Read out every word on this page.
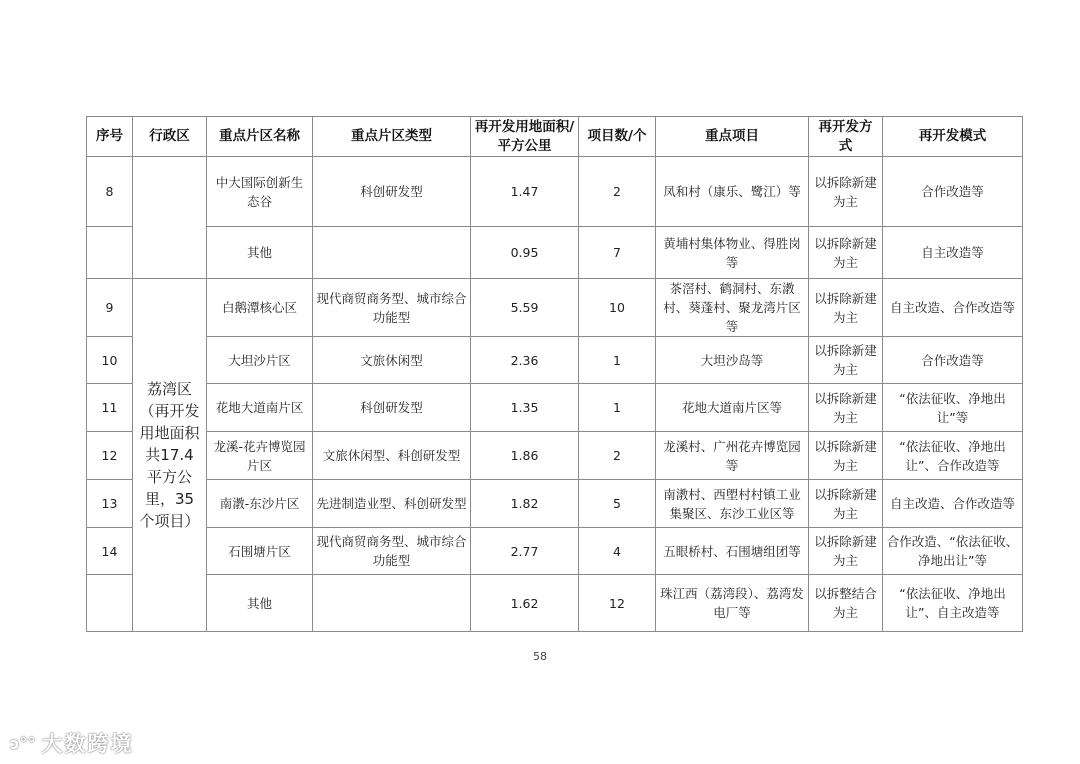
序号	行政区	重点片区名称	重点片区类型	再开发用地面积/平方公里	项目数/个	重点项目	再开发方式	再开发模式
8		中大国际创新生态谷	科创研发型	1.47	2	凤和村（康乐、鹭江）等	以拆除新建为主	合作改造等
		其他		0.95	7	黄埔村集体物业、得胜岗等	以拆除新建为主	自主改造等
9	荔湾区（再开发用地面积共17.4平方公里，35个项目）	白鹅潭核心区	现代商贸商务型、城市综合功能型	5.59	10	茶滘村、鹤洞村、东漖村、葵蓬村、聚龙湾片区等	以拆除新建为主	自主改造、合作改造等
10		大坦沙片区	文旅休闲型	2.36	1	大坦沙岛等	以拆除新建为主	合作改造等
11		花地大道南片区	科创研发型	1.35	1	花地大道南片区等	以拆除新建为主	“依法征收、净地出让”等
12		龙溪-花卉博览园片区	文旅休闲型、科创研发型	1.86	2	龙溪村、广州花卉博览园等	以拆除新建为主	“依法征收、净地出让”、合作改造等
13		南漖-东沙片区	先进制造业型、科创研发型	1.82	5	南漖村、西塱村村镇工业集聚区、东沙工业区等	以拆除新建为主	自主改造、合作改造等
14		石围塘片区	现代商贸商务型、城市综合功能型	2.77	4	五眼桥村、石围塘组团等	以拆除新建为主	合作改造、“依法征收、净地出让”等
		其他		1.62	12	珠江西（荔湾段）、荔湾发电厂等	以拆整结合为主	“依法征收、净地出让”、自主改造等
58
ↄ°° 大数跨境
